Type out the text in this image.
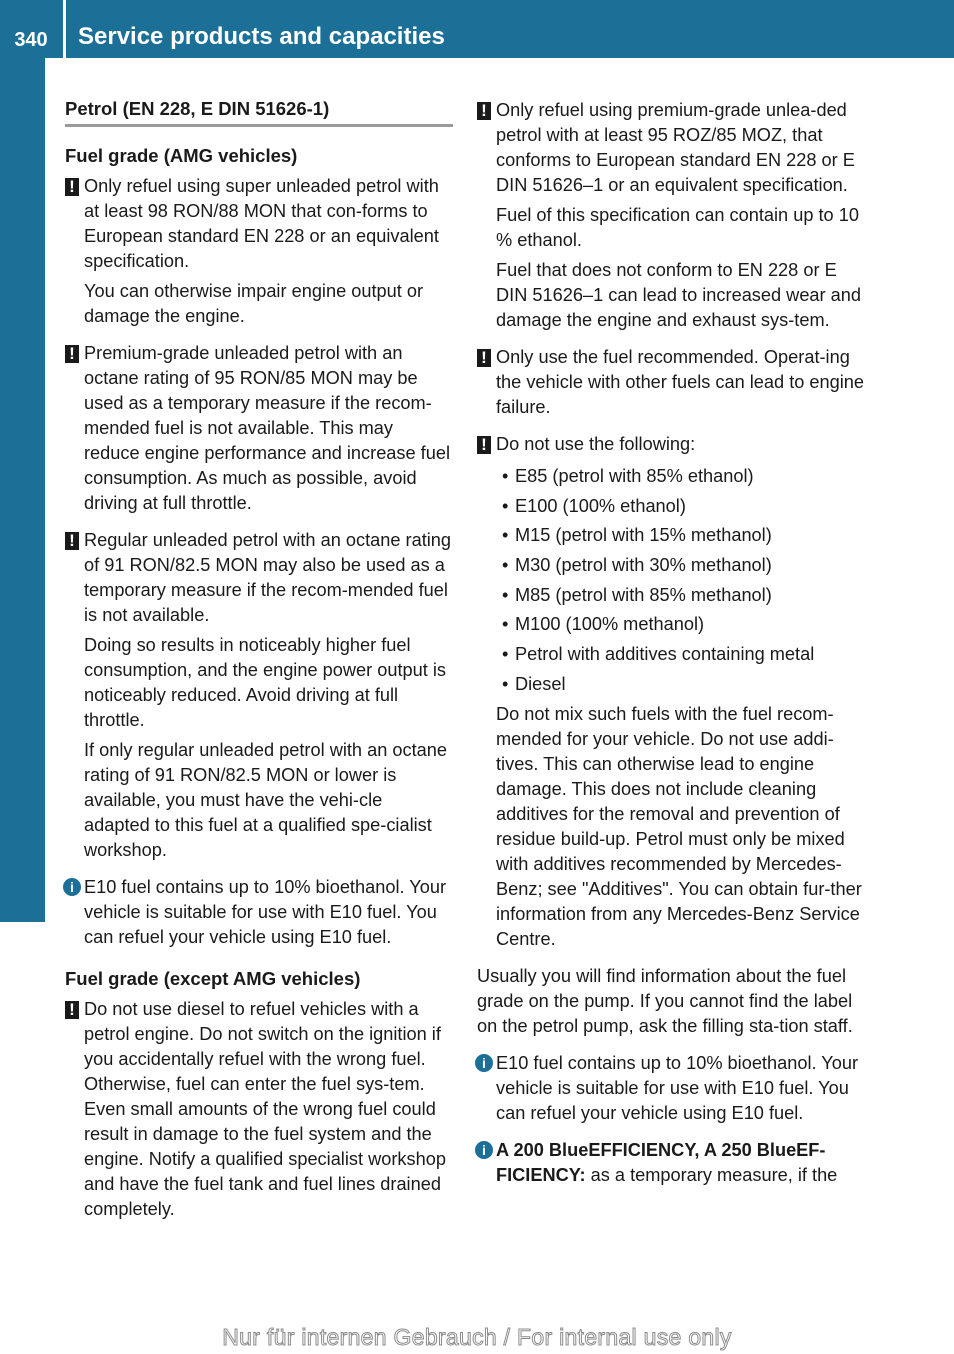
340	Service products and capacities
Technical data
Petrol (EN 228, E DIN 51626-1)
Fuel grade (AMG vehicles)
!

Only refuel using super unleaded petrol with at least 98 RON/88 MON that con-forms to European standard EN 228 or an equivalent specification.

You can otherwise impair engine output or damage the engine.

!

Premium-grade unleaded petrol with an octane rating of 95 RON/85 MON may be used as a temporary measure if the recom-mended fuel is not available. This may reduce engine performance and increase fuel consumption. As much as possible, avoid driving at full throttle.

!

Regular unleaded petrol with an octane rating of 91 RON/82.5 MON may also be used as a temporary measure if the recom-mended fuel is not available.

Doing so results in noticeably higher fuel consumption, and the engine power output is noticeably reduced. Avoid driving at full throttle.

If only regular unleaded petrol with an octane rating of 91 RON/82.5 MON or lower is available, you must have the vehi-cle adapted to this fuel at a qualified spe-cialist workshop.

i

E10 fuel contains up to 10% bioethanol. Your vehicle is suitable for use with E10 fuel. You can refuel your vehicle using E10 fuel.

Fuel grade (except AMG vehicles)
!

Do not use diesel to refuel vehicles with a petrol engine. Do not switch on the ignition if you accidentally refuel with the wrong fuel. Otherwise, fuel can enter the fuel sys-tem. Even small amounts of the wrong fuel could result in damage to the fuel system and the engine. Notify a qualified specialist workshop and have the fuel tank and fuel lines drained completely.

!

Only refuel using premium-grade unlea-ded petrol with at least 95 ROZ/85 MOZ, that conforms to European standard EN 228 or E DIN 51626–1 or an equivalent specification.

Fuel of this specification can contain up to 10 % ethanol.

Fuel that does not conform to EN 228 or E DIN 51626–1 can lead to increased wear and damage the engine and exhaust sys-tem.

!

Only use the fuel recommended. Operat-ing the vehicle with other fuels can lead to engine failure.

!

Do not use the following:

• E85 (petrol with 85% ethanol)
• E100 (100% ethanol)
• M15 (petrol with 15% methanol)
• M30 (petrol with 30% methanol)
• M85 (petrol with 85% methanol)
• M100 (100% methanol)
• Petrol with additives containing metal
• Diesel

Do not mix such fuels with the fuel recom-mended for your vehicle. Do not use addi-tives. This can otherwise lead to engine damage. This does not include cleaning additives for the removal and prevention of residue build-up. Petrol must only be mixed with additives recommended by Mercedes-Benz; see "Additives". You can obtain fur-ther information from any Mercedes-Benz Service Centre.

Usually you will find information about the fuel grade on the pump. If you cannot find the label on the petrol pump, ask the filling sta-tion staff.

i

E10 fuel contains up to 10% bioethanol. Your vehicle is suitable for use with E10 fuel. You can refuel your vehicle using E10 fuel.

i

A 200 BlueEFFICIENCY, A 250 BlueEF-FICIENCY: as a temporary measure, if the

Nur für internen Gebrauch / For internal use only
